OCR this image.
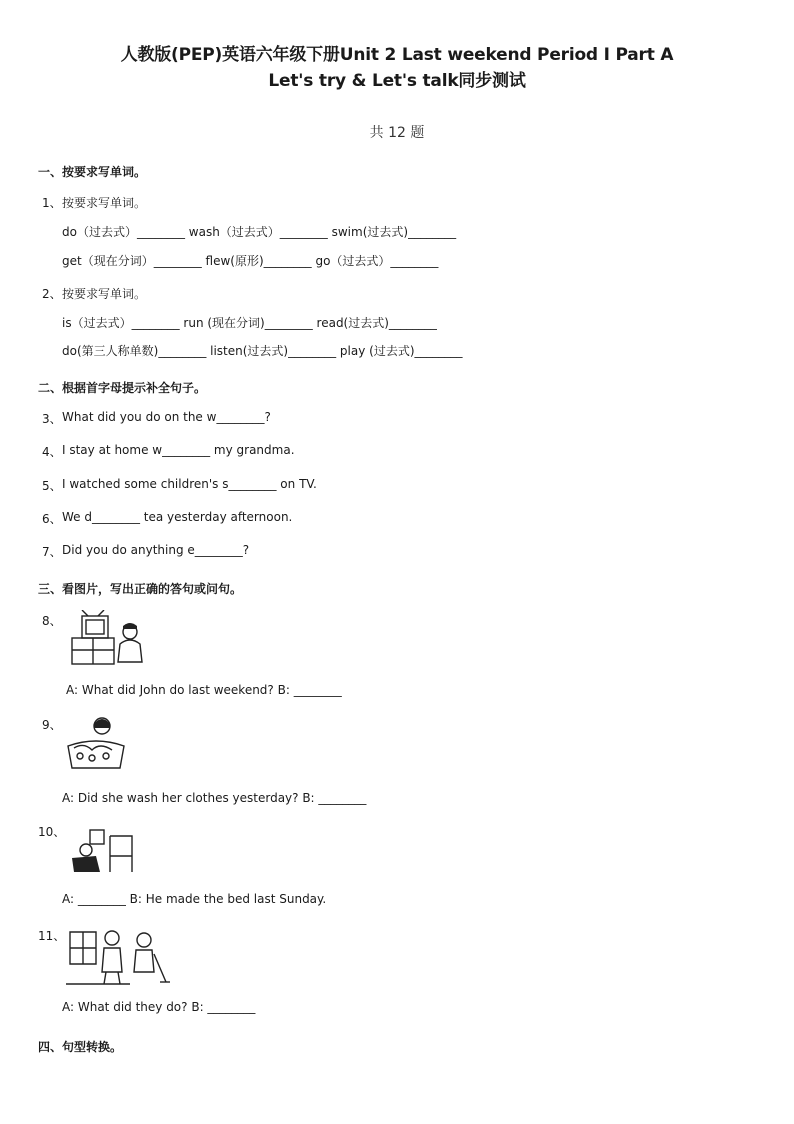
人教版(PEP)英语六年级下册Unit 2 Last weekend Period I Part A
Let's try & Let's talk同步测试
共 12 题
一、按要求写单词。
1、 按要求写单词。
do（过去式）________ wash（过去式）________ swim(过去式)________
get（现在分词）________ flew(原形)________ go（过去式）________
2、 按要求写单词。
is（过去式）________ run (现在分词)________ read(过去式)________
do(第三人称单数)________ listen(过去式)________ play (过去式)________
二、根据首字母提示补全句子。
3、 What did you do on the w________?
4、 I stay at home w________ my grandma.
5、 I watched some children's s________ on TV.
6、 We d________ tea yesterday afternoon.
7、 Did you do anything e________?
三、看图片，写出正确的答句或问句。
8、
A: What did John do last weekend? B: ________
9、
A: Did she wash her clothes yesterday? B: ________
10、
A: ________ B: He made the bed last Sunday.
11、
A: What did they do? B: ________
四、句型转换。
